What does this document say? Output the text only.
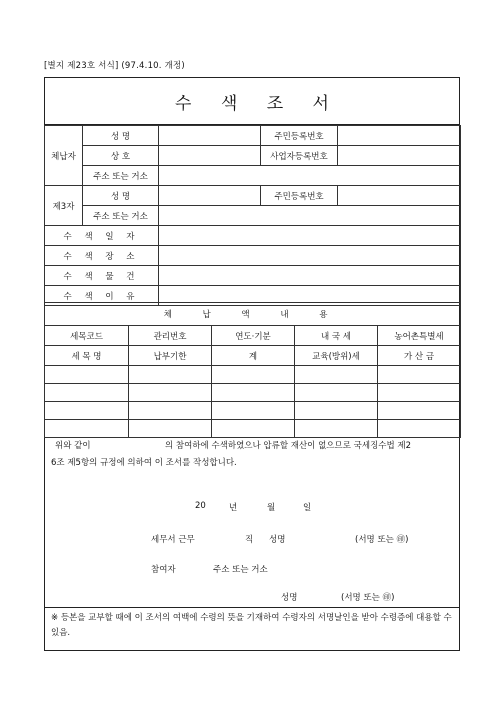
[별지 제23호 서식] (97.4.10. 개정)
수 색 조 서
체납자	성 명		주민등록번호	
	상 호		사업자등록번호	
	주소 또는 거소			
제3자	성 명		주민등록번호	
	주소 또는 거소			
수 색 일 자				
수 색 장 소				
수 색 물 건				
수 색 이 유				
체 납 액 내 용				
세목코드	관리번호	연도·기분	내 국 세	농어촌특별세
세 목 명	납부기한	계	교육(방위)세	가 산 금

위와 같이	의 참여하에 수색하였으나 압류할 재산이 없으므로 국세징수법 제2
6조 제5항의 규정에 의하여 이 조서를 작성합니다.
20	년	월	일
세무서 근무	직 성명	(서명 또는 ㊞)
참여자	주소 또는 거소
성명	(서명 또는 ㊞)
※ 등본을 교부할 때에 이 조서의 여백에 수령의 뜻을 기재하여 수령자의 서명날인을 받아 수령증에 대용할 수 있음.
